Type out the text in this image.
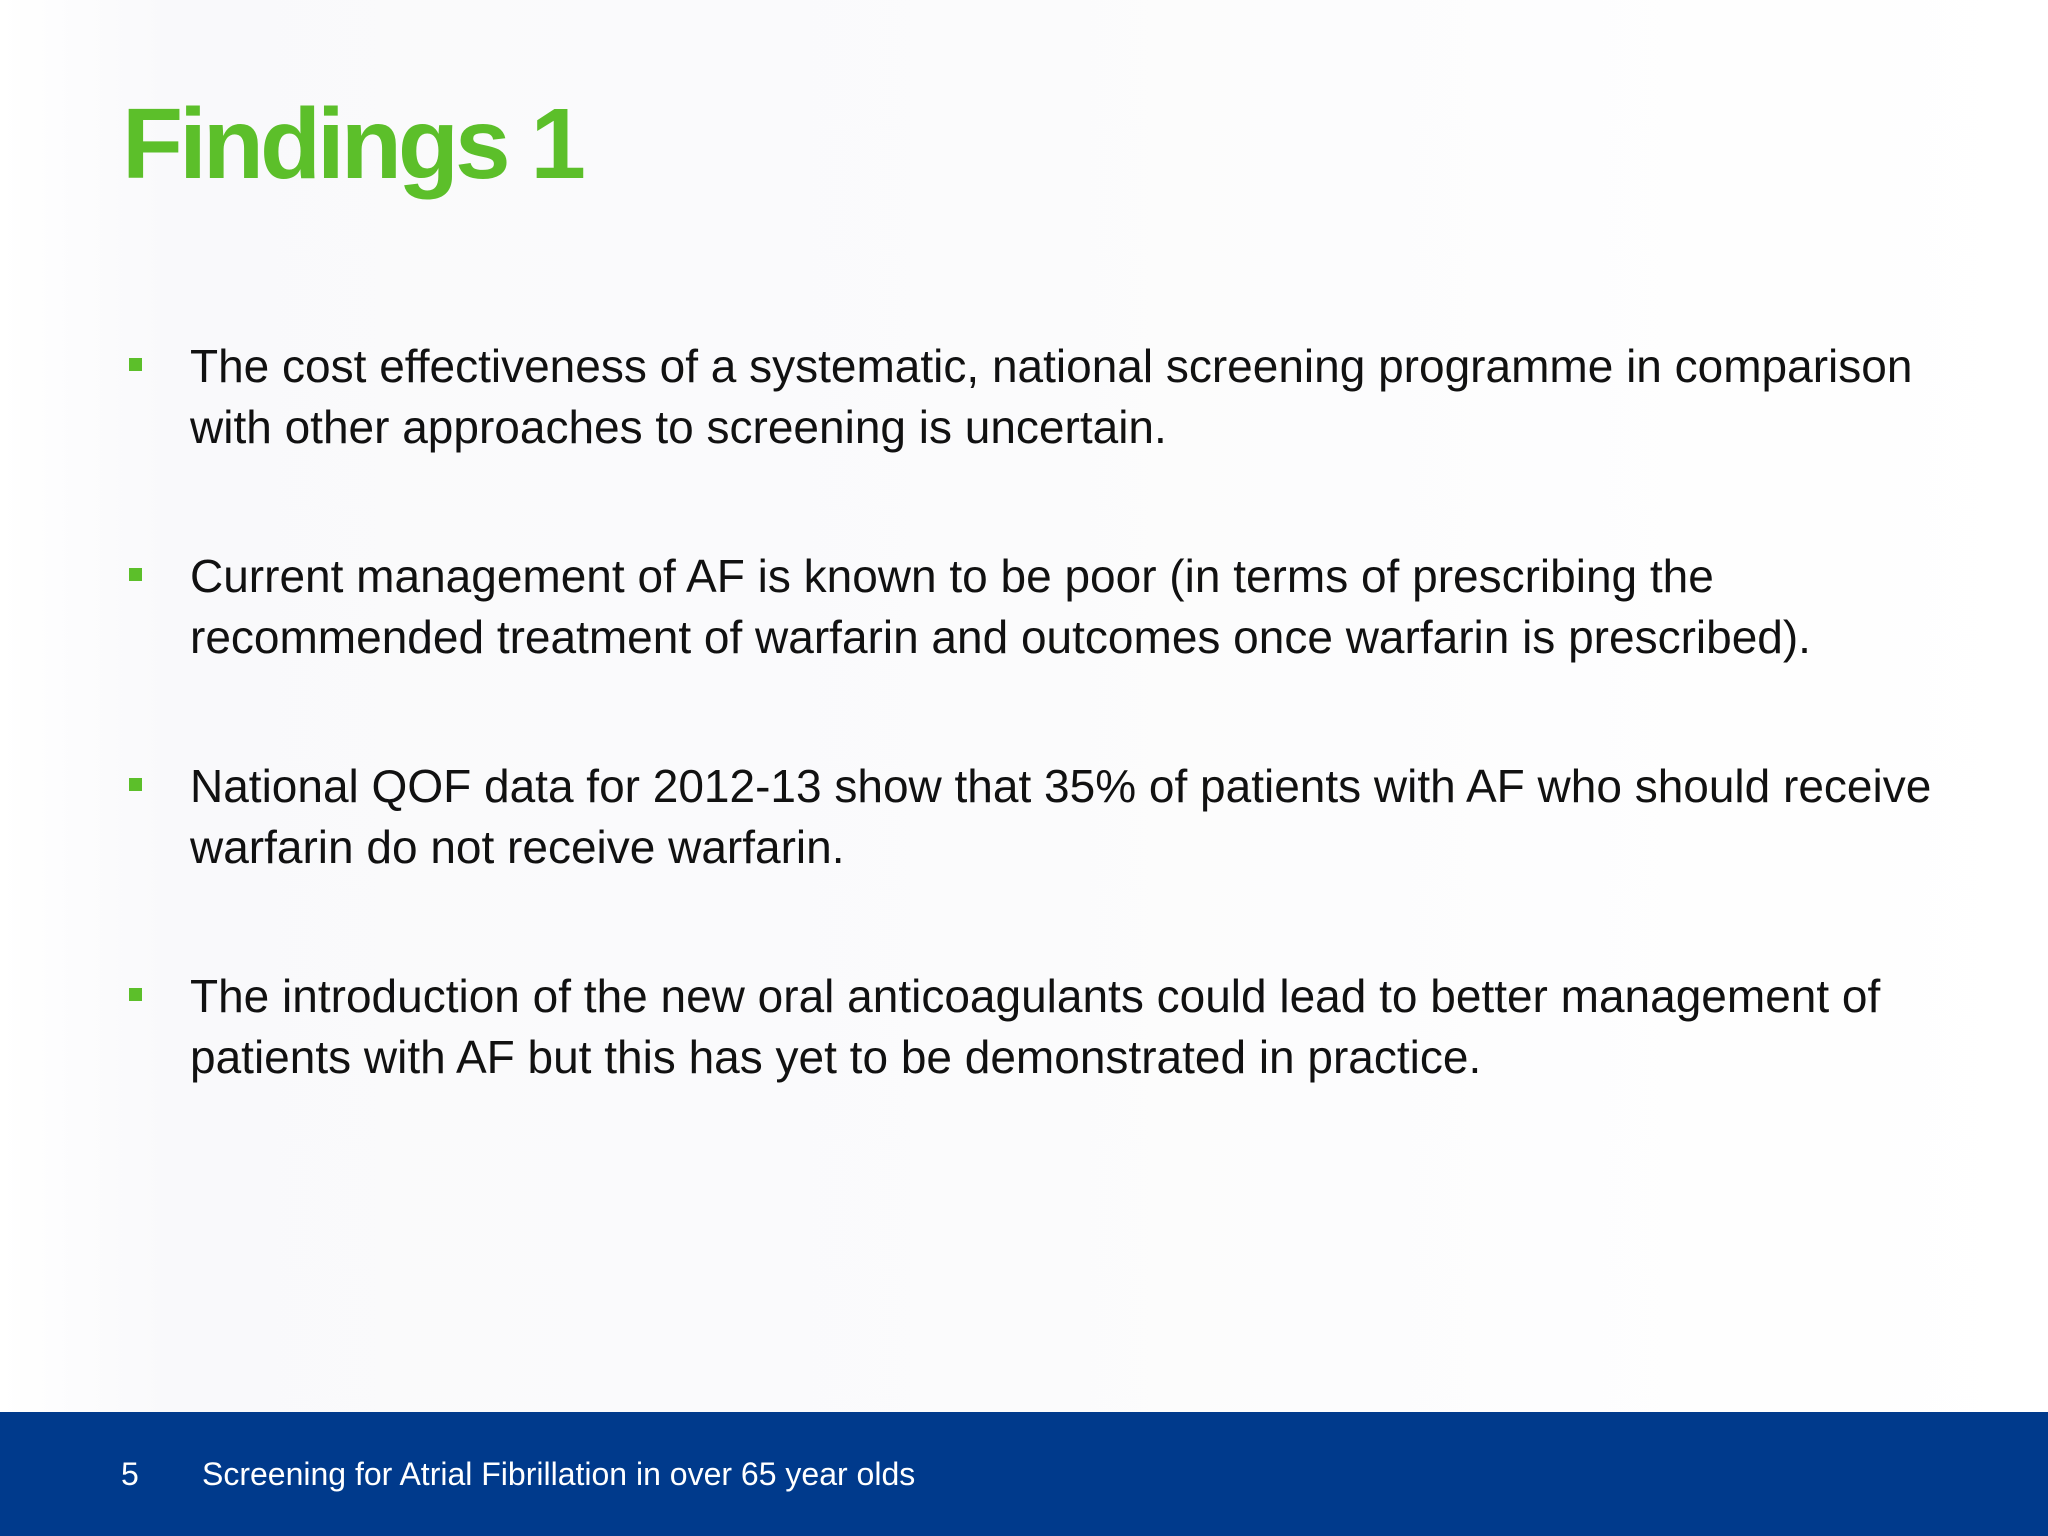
Findings 1
The cost effectiveness of a systematic, national screening programme in comparison with other approaches to screening is uncertain.
Current management of AF is known to be poor (in terms of prescribing the recommended treatment of warfarin and outcomes once warfarin is prescribed).
National QOF data for 2012-13 show that 35% of patients with AF who should receive warfarin do not receive warfarin.
The introduction of the new oral anticoagulants could lead to better management of patients with AF but this has yet to be demonstrated in practice.
5 Screening for Atrial Fibrillation in over 65 year olds
